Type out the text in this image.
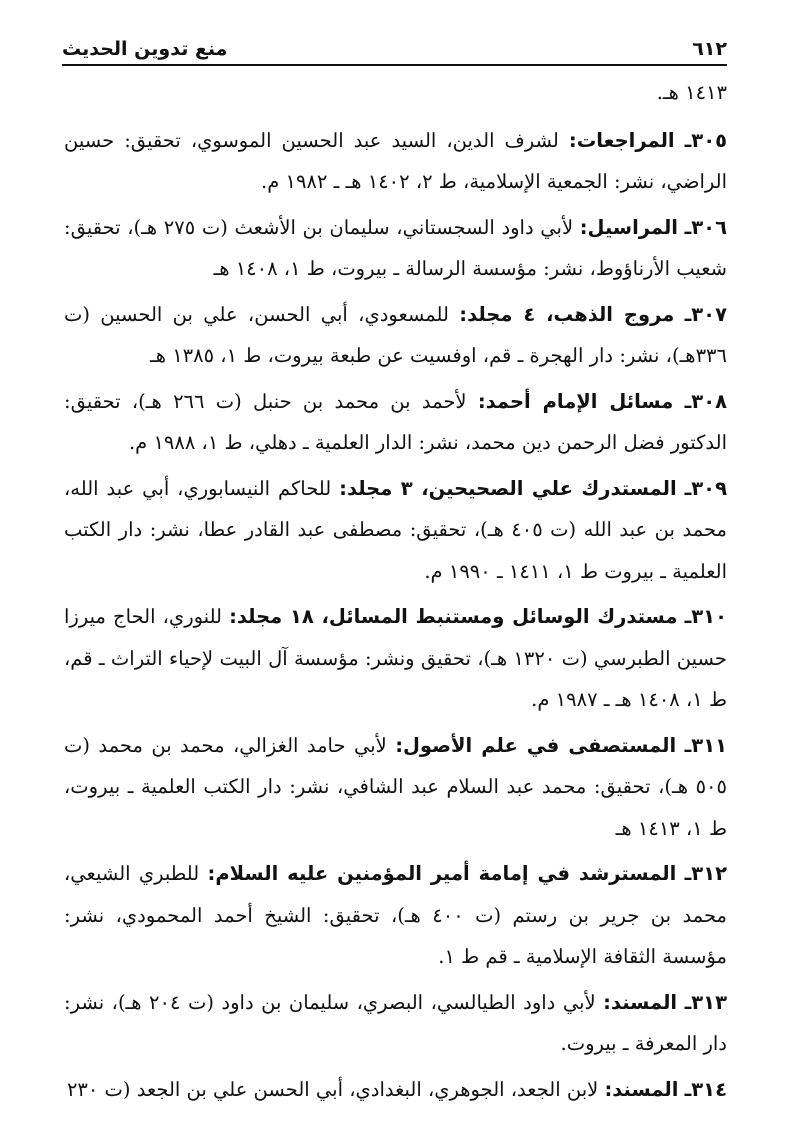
٦١٢
منع تدوين الحديث

١٤١٣ هـ.

٣٠٥ـ المراجعات: لشرف الدين، السيد عبد الحسين الموسوي، تحقيق: حسين الراضي، نشر: الجمعية الإسلامية، ط ٢، ١٤٠٢ هـ ـ ١٩٨٢ م.

٣٠٦ـ المراسيل: لأبي داود السجستاني، سليمان بن الأشعث (ت ٢٧٥ هـ)، تحقيق: شعيب الأرناؤوط، نشر: مؤسسة الرسالة ـ بيروت، ط ١، ١٤٠٨ هـ

٣٠٧ـ مروج الذهب، ٤ مجلد: للمسعودي، أبي الحسن، علي بن الحسين (ت ٣٣٦هـ)، نشر: دار الهجرة ـ قم، اوفسيت عن طبعة بيروت، ط ١، ١٣٨٥ هـ

٣٠٨ـ مسائل الإمام أحمد: لأحمد بن محمد بن حنبل (ت ٢٦٦ هـ)، تحقيق: الدكتور فضل الرحمن دين محمد، نشر: الدار العلمية ـ دهلي، ط ١، ١٩٨٨ م.

٣٠٩ـ المستدرك علي الصحيحين، ٣ مجلد: للحاكم النيسابوري، أبي عبد الله، محمد بن عبد الله (ت ٤٠٥ هـ)، تحقيق: مصطفى عبد القادر عطا، نشر: دار الكتب العلمية ـ بيروت ط ١، ١٤١١ ـ ١٩٩٠ م.

٣١٠ـ مستدرك الوسائل ومستنبط المسائل، ١٨ مجلد: للنوري، الحاج ميرزا حسين الطبرسي (ت ١٣٢٠ هـ)، تحقيق ونشر: مؤسسة آل البيت لإحياء التراث ـ قم، ط ١، ١٤٠٨ هـ ـ ١٩٨٧ م.

٣١١ـ المستصفى في علم الأصول: لأبي حامد الغزالي، محمد بن محمد (ت ٥٠٥ هـ)، تحقيق: محمد عبد السلام عبد الشافي، نشر: دار الكتب العلمية ـ بيروت، ط ١، ١٤١٣ هـ

٣١٢ـ المسترشد في إمامة أمير المؤمنين عليه السلام: للطبري الشيعي، محمد بن جرير بن رستم (ت ٤٠٠ هـ)، تحقيق: الشيخ أحمد المحمودي، نشر: مؤسسة الثقافة الإسلامية ـ قم ط ١.

٣١٣ـ المسند: لأبي داود الطيالسي، البصري، سليمان بن داود (ت ٢٠٤ هـ)، نشر: دار المعرفة ـ بيروت.

٣١٤ـ المسند: لابن الجعد، الجوهري، البغدادي، أبي الحسن علي بن الجعد (ت ٢٣٠
